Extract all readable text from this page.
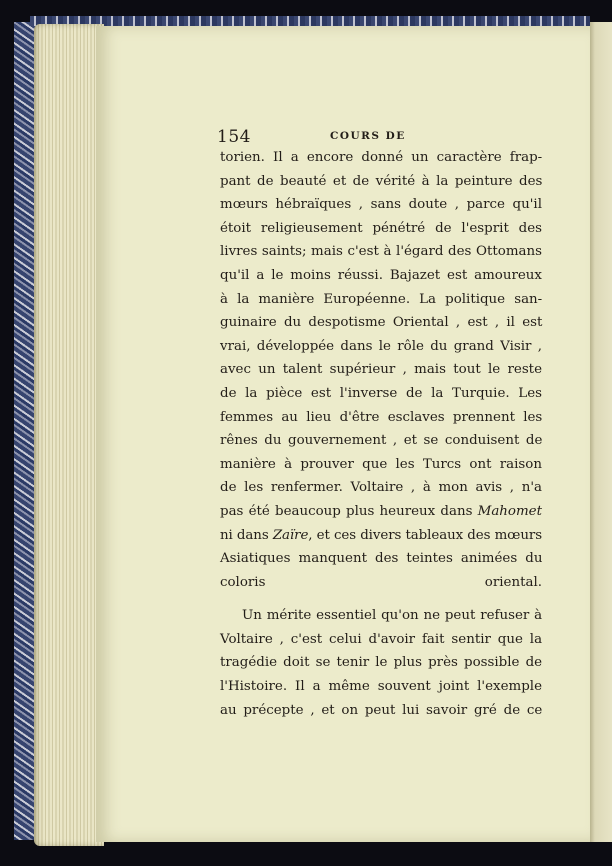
154	COURS DE

torien. Il a encore donné un caractère frap-
pant de beauté et de vérité à la peinture des
mœurs hébraïques , sans doute , parce qu'il
étoit religieusement pénétré de l'esprit des
livres saints; mais c'est à l'égard des Ottomans
qu'il a le moins réussi. Bajazet est amoureux
à la manière Européenne. La politique san-
guinaire du despotisme Oriental , est , il est
vrai, développée dans le rôle du grand Visir ,
avec un talent supérieur , mais tout le reste
de la pièce est l'inverse de la Turquie. Les
femmes au lieu d'être esclaves prennent les
rênes du gouvernement , et se conduisent de
manière à prouver que les Turcs ont raison
de les renfermer. Voltaire , à mon avis , n'a
pas été beaucoup plus heureux dans Mahomet
ni dans Zaïre, et ces divers tableaux des mœurs
Asiatiques manquent des teintes animées du

coloris oriental.

Un mérite essentiel qu'on ne peut refuser à
Voltaire , c'est celui d'avoir fait sentir que la
tragédie doit se tenir le plus près possible de
l'Histoire. Il a même souvent joint l'exemple
au précepte , et on peut lui savoir gré de ce
